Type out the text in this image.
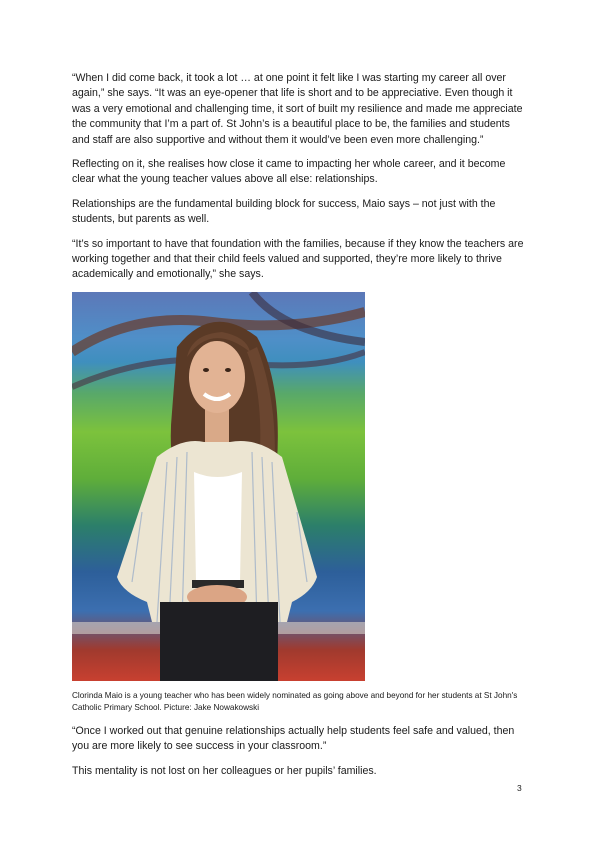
“When I did come back, it took a lot … at one point it felt like I was starting my career all over again,” she says. “It was an eye-opener that life is short and to be appreciative. Even though it was a very emotional and challenging time, it sort of built my resilience and made me appreciate the community that I’m a part of. St John’s is a beautiful place to be, the families and students and staff are also supportive and without them it would’ve been even more challenging.”

Reflecting on it, she realises how close it came to impacting her whole career, and it become clear what the young teacher values above all else: relationships.

Relationships are the fundamental building block for success, Maio says – not just with the students, but parents as well.

“It’s so important to have that foundation with the families, because if they know the teachers are working together and that their child feels valued and supported, they’re more likely to thrive academically and emotionally,” she says.

Clorinda Maio is a young teacher who has been widely nominated as going above and beyond for her students at St John's Catholic Primary School. Picture: Jake Nowakowski

“Once I worked out that genuine relationships actually help students feel safe and valued, then you are more likely to see success in your classroom.”

This mentality is not lost on her colleagues or her pupils’ families.

3
